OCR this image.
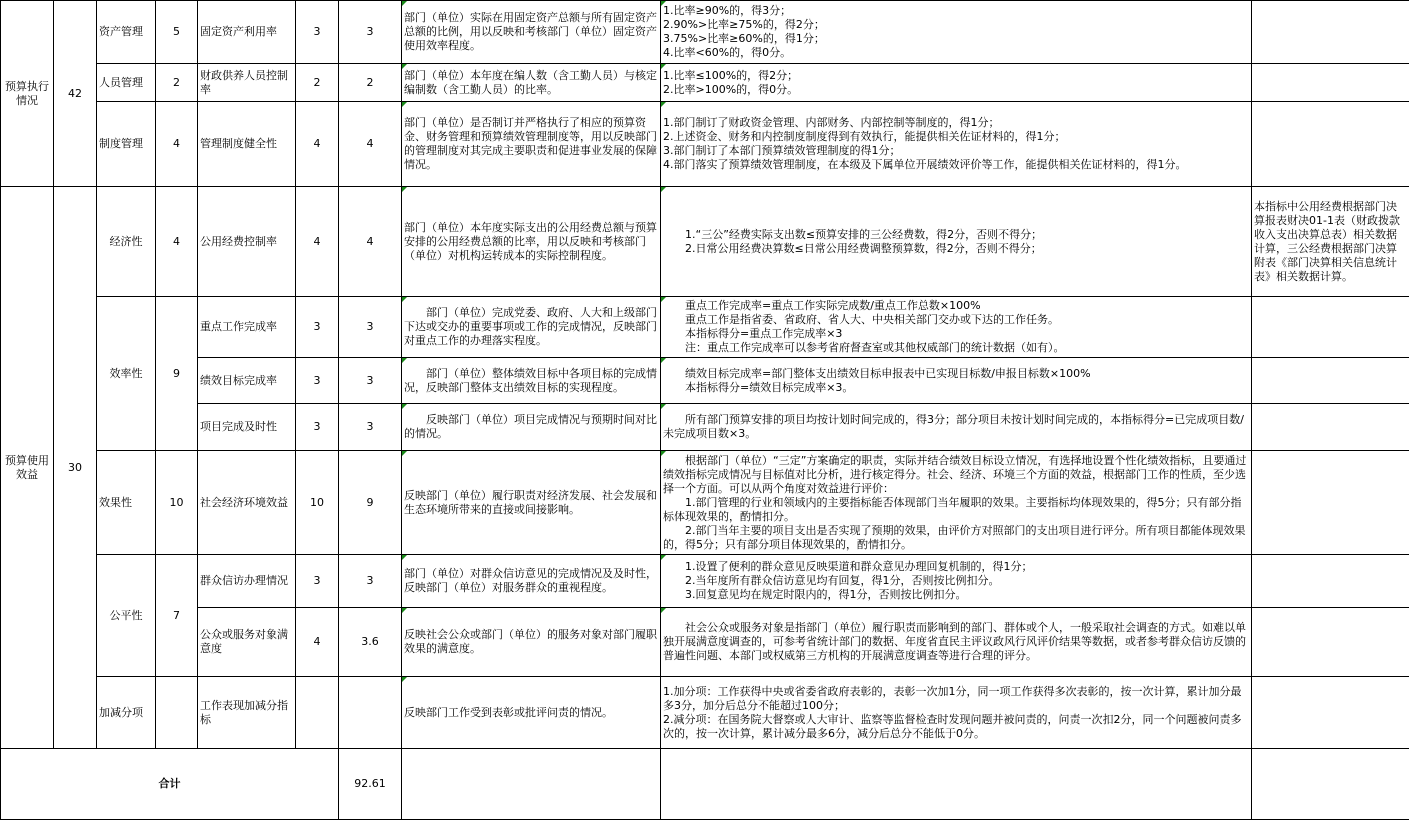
预算执行情况	42	资产管理	5	固定资产利用率	3	3	部门（单位）实际在用固定资产总额与所有固定资产总额的比例，用以反映和考核部门（单位）固定资产使用效率程度。	1.比率≥90%的，得3分；
2.90%>比率≥75%的，得2分；
3.75%>比率≥60%的，得1分；
4.比率<60%的，得0分。	

		人员管理	2	财政供养人员控制率	2	2	部门（单位）本年度在编人数（含工勤人员）与核定编制数（含工勤人员）的比率。	1.比率≤100%的，得2分；
2.比率>100%的，得0分。	

		制度管理	4	管理制度健全性	4	4	部门（单位）是否制订并严格执行了相应的预算资金、财务管理和预算绩效管理制度等，用以反映部门的管理制度对其完成主要职责和促进事业发展的保障情况。	1.部门制订了财政资金管理、内部财务、内部控制等制度的，得1分；
2.上述资金、财务和内控制度制度得到有效执行，能提供相关佐证材料的，得1分；
3.部门制订了本部门预算绩效管理制度的得1分；
4.部门落实了预算绩效管理制度，在本级及下属单位开展绩效评价等工作，能提供相关佐证材料的，得1分。	

预算使用效益	30	经济性	4	公用经费控制率	4	4	部门（单位）本年度实际支出的公用经费总额与预算安排的公用经费总额的比率，用以反映和考核部门（单位）对机构运转成本的实际控制程度。	1.“三公”经费实际支出数≤预算安排的三公经费数，得2分，否则不得分；
2.日常公用经费决算数≤日常公用经费调整预算数，得2分，否则不得分；	本指标中公用经费根据部门决算报表财决01-1表（财政拨款收入支出决算总表）相关数据计算，三公经费根据部门决算附表《部门决算相关信息统计表》相关数据计算。
		效率性	9	重点工作完成率	3	3	部门（单位）完成党委、政府、人大和上级部门下达或交办的重要事项或工作的完成情况，反映部门对重点工作的办理落实程度。	重点工作完成率=重点工作实际完成数/重点工作总数×100%
重点工作是指省委、省政府、省人大、中央相关部门交办或下达的工作任务。
本指标得分=重点工作完成率×3
注：重点工作完成率可以参考省府督查室或其他权威部门的统计数据（如有）。	

				绩效目标完成率	3	3	部门（单位）整体绩效目标中各项目标的完成情况，反映部门整体支出绩效目标的实现程度。	绩效目标完成率=部门整体支出绩效目标申报表中已实现目标数/申报目标数×100%
本指标得分=绩效目标完成率×3。	

				项目完成及时性	3	3	反映部门（单位）项目完成情况与预期时间对比的情况。	所有部门预算安排的项目均按计划时间完成的，得3分；部分项目未按计划时间完成的，本指标得分=已完成项目数/未完成项目数×3。	
		效果性	10	社会经济环境效益	10	9	反映部门（单位）履行职责对经济发展、社会发展和生态环境所带来的直接或间接影响。	根据部门（单位）“三定”方案确定的职责，实际并结合绩效目标设立情况，有选择地设置个性化绩效指标，且要通过绩效指标完成情况与目标值对比分析，进行核定得分。社会、经济、环境三个方面的效益，根据部门工作的性质，至少选择一个方面。可以从两个角度对效益进行评价：
1.部门管理的行业和领域内的主要指标能否体现部门当年履职的效果。主要指标均体现效果的，得5分；只有部分指标体现效果的，酌情扣分。
2.部门当年主要的项目支出是否实现了预期的效果，由评价方对照部门的支出项目进行评分。所有项目都能体现效果的，得5分；只有部分项目体现效果的，酌情扣分。	

		公平性	7	群众信访办理情况	3	3	部门（单位）对群众信访意见的完成情况及及时性，反映部门（单位）对服务群众的重视程度。	1.设置了便利的群众意见反映渠道和群众意见办理回复机制的，得1分；
2.当年度所有群众信访意见均有回复，得1分，否则按比例扣分。
3.回复意见均在规定时限内的，得1分，否则按比例扣分。	

				公众或服务对象满意度	4	3.6	反映社会公众或部门（单位）的服务对象对部门履职效果的满意度。	社会公众或服务对象是指部门（单位）履行职责而影响到的部门、群体或个人，一般采取社会调查的方式。如难以单独开展满意度调查的，可参考省统计部门的数据、年度省直民主评议政风行风评价结果等数据，或者参考群众信访反馈的普遍性问题、本部门或权威第三方机构的开展满意度调查等进行合理的评分。	
		加减分项		工作表现加减分指标			反映部门工作受到表彰或批评问责的情况。	1.加分项：工作获得中央或省委省政府表彰的，表彰一次加1分，同一项工作获得多次表彰的，按一次计算，累计加分最多3分，加分后总分不能超过100分；
2.减分项：在国务院大督察或人大审计、监察等监督检查时发现问题并被问责的，问责一次扣2分，同一个问题被问责多次的，按一次计算，累计减分最多6分，减分后总分不能低于0分。	

合计						92.61			
